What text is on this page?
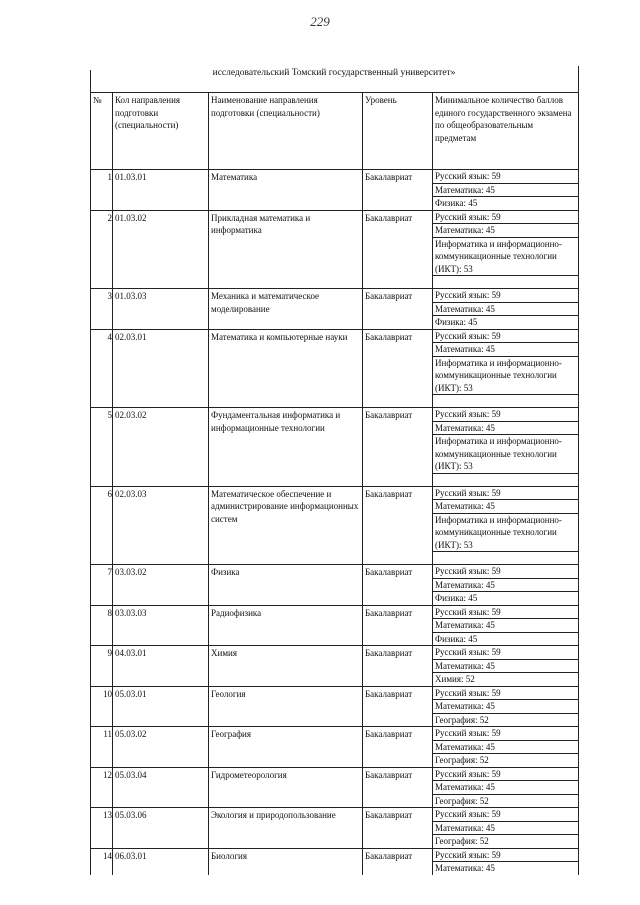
229
исследовательский Томский государственный университет»
№	Кол направления подготовки (специальности)	Наименование направления подготовки (специальности)	Уровень	Минимальное количество баллов единого государственного экзамена по общеобразовательным предметам
1	01.03.01	Математика	Бакалавриат	Русский язык: 59
Математика: 45
Физика: 45

2	01.03.02	Прикладная математика и информатика	Бакалавриат	Русский язык: 59
Математика: 45
Информатика и информационно-коммуникационные технологии (ИКТ): 53

3	01.03.03	Механика и математическое моделирование	Бакалавриат	Русский язык: 59
Математика: 45
Физика: 45

4	02.03.01	Математика и компьютерные науки	Бакалавриат	Русский язык: 59
Математика: 45
Информатика и информационно-коммуникационные технологии (ИКТ): 53

5	02.03.02	Фундаментальная информатика и информационные технологии	Бакалавриат	Русский язык: 59
Математика: 45
Информатика и информационно-коммуникационные технологии (ИКТ): 53

6	02.03.03	Математическое обеспечение и администрирование информационных систем	Бакалавриат	Русский язык: 59
Математика: 45
Информатика и информационно-коммуникационные технологии (ИКТ): 53

7	03.03.02	Физика	Бакалавриат	Русский язык: 59
Математика: 45
Физика: 45

8	03.03.03	Радиофизика	Бакалавриат	Русский язык: 59
Математика: 45
Физика: 45

9	04.03.01	Химия	Бакалавриат	Русский язык: 59
Математика: 45
Химия: 52

10	05.03.01	Геология	Бакалавриат	Русский язык: 59
Математика: 45
География: 52

11	05.03.02	География	Бакалавриат	Русский язык: 59
Математика: 45
География: 52

12	05.03.04	Гидрометеорология	Бакалавриат	Русский язык: 59
Математика: 45
География: 52

13	05.03.06	Экология и природопользование	Бакалавриат	Русский язык: 59
Математика: 45
География: 52

14	06.03.01	Биология	Бакалавриат	Русский язык: 59
Математика: 45
